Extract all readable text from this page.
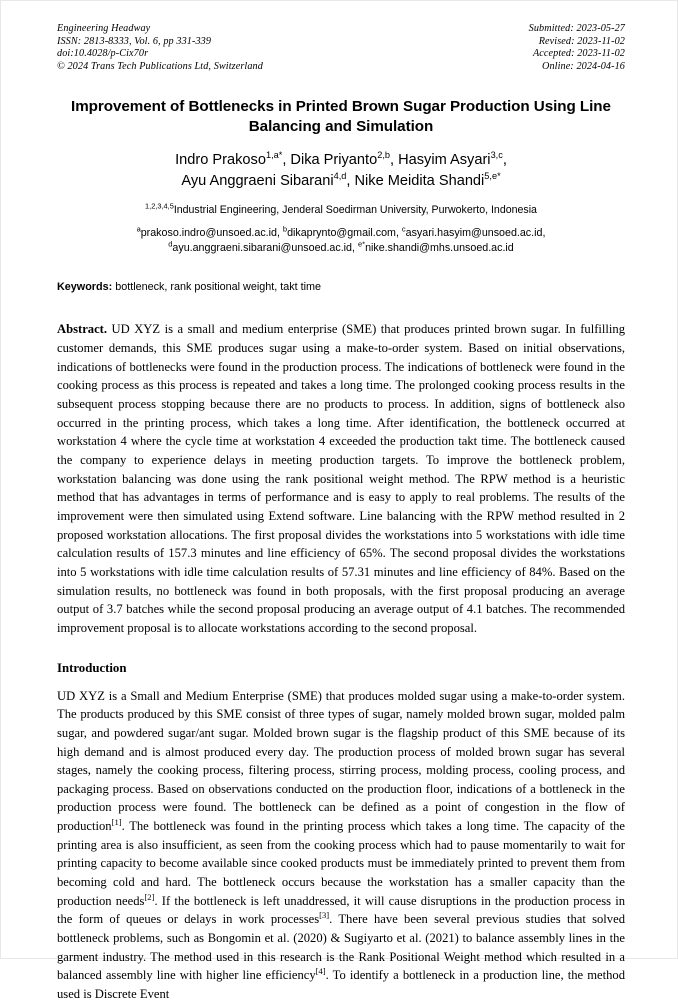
Engineering Headway
ISSN: 2813-8333, Vol. 6, pp 331-339
doi:10.4028/p-Cix70r
© 2024 Trans Tech Publications Ltd, Switzerland
Submitted: 2023-05-27
Revised: 2023-11-02
Accepted: 2023-11-02
Online: 2024-04-16
Improvement of Bottlenecks in Printed Brown Sugar Production Using Line Balancing and Simulation
Indro Prakoso$^{1,a*}$, Dika Priyanto$^{2,b}$, Hasyim Asyari$^{3,c}$,
Ayu Anggraeni Sibarani$^{4,d}$, Nike Meidita Shandi$^{5,e*}$
$^{1,2,3,4,5}$Industrial Engineering, Jenderal Soedirman University, Purwokerto, Indonesia
$^a$prakoso.indro@unsoed.ac.id, $^b$dikaprynto@gmail.com, $^c$asyari.hasyim@unsoed.ac.id,
$^d$ayu.anggraeni.sibarani@unsoed.ac.id, $^{e*}$nike.shandi@mhs.unsoed.ac.id
Keywords: bottleneck, rank positional weight, takt time
Abstract. UD XYZ is a small and medium enterprise (SME) that produces printed brown sugar. In fulfilling customer demands, this SME produces sugar using a make-to-order system. Based on initial observations, indications of bottlenecks were found in the production process. The indications of bottleneck were found in the cooking process as this process is repeated and takes a long time. The prolonged cooking process results in the subsequent process stopping because there are no products to process. In addition, signs of bottleneck also occurred in the printing process, which takes a long time. After identification, the bottleneck occurred at workstation 4 where the cycle time at workstation 4 exceeded the production takt time. The bottleneck caused the company to experience delays in meeting production targets. To improve the bottleneck problem, workstation balancing was done using the rank positional weight method. The RPW method is a heuristic method that has advantages in terms of performance and is easy to apply to real problems. The results of the improvement were then simulated using Extend software. Line balancing with the RPW method resulted in 2 proposed workstation allocations. The first proposal divides the workstations into 5 workstations with idle time calculation results of 157.3 minutes and line efficiency of 65%. The second proposal divides the workstations into 5 workstations with idle time calculation results of 57.31 minutes and line efficiency of 84%. Based on the simulation results, no bottleneck was found in both proposals, with the first proposal producing an average output of 3.7 batches while the second proposal producing an average output of 4.1 batches. The recommended improvement proposal is to allocate workstations according to the second proposal.
Introduction
UD XYZ is a Small and Medium Enterprise (SME) that produces molded sugar using a make-to-order system. The products produced by this SME consist of three types of sugar, namely molded brown sugar, molded palm sugar, and powdered sugar/ant sugar. Molded brown sugar is the flagship product of this SME because of its high demand and is almost produced every day. The production process of molded brown sugar has several stages, namely the cooking process, filtering process, stirring process, molding process, cooling process, and packaging process. Based on observations conducted on the production floor, indications of a bottleneck in the production process were found. The bottleneck can be defined as a point of congestion in the flow of production[1]. The bottleneck was found in the printing process which takes a long time. The capacity of the printing area is also insufficient, as seen from the cooking process which had to pause momentarily to wait for printing capacity to become available since cooked products must be immediately printed to prevent them from becoming cold and hard. The bottleneck occurs because the workstation has a smaller capacity than the production needs[2]. If the bottleneck is left unaddressed, it will cause disruptions in the production process in the form of queues or delays in work processes[3]. There have been several previous studies that solved bottleneck problems, such as Bongomin et al. (2020) & Sugiyarto et al. (2021) to balance assembly lines in the garment industry. The method used in this research is the Rank Positional Weight method which resulted in a balanced assembly line with higher line efficiency[4]. To identify a bottleneck in a production line, the method used is Discrete Event
